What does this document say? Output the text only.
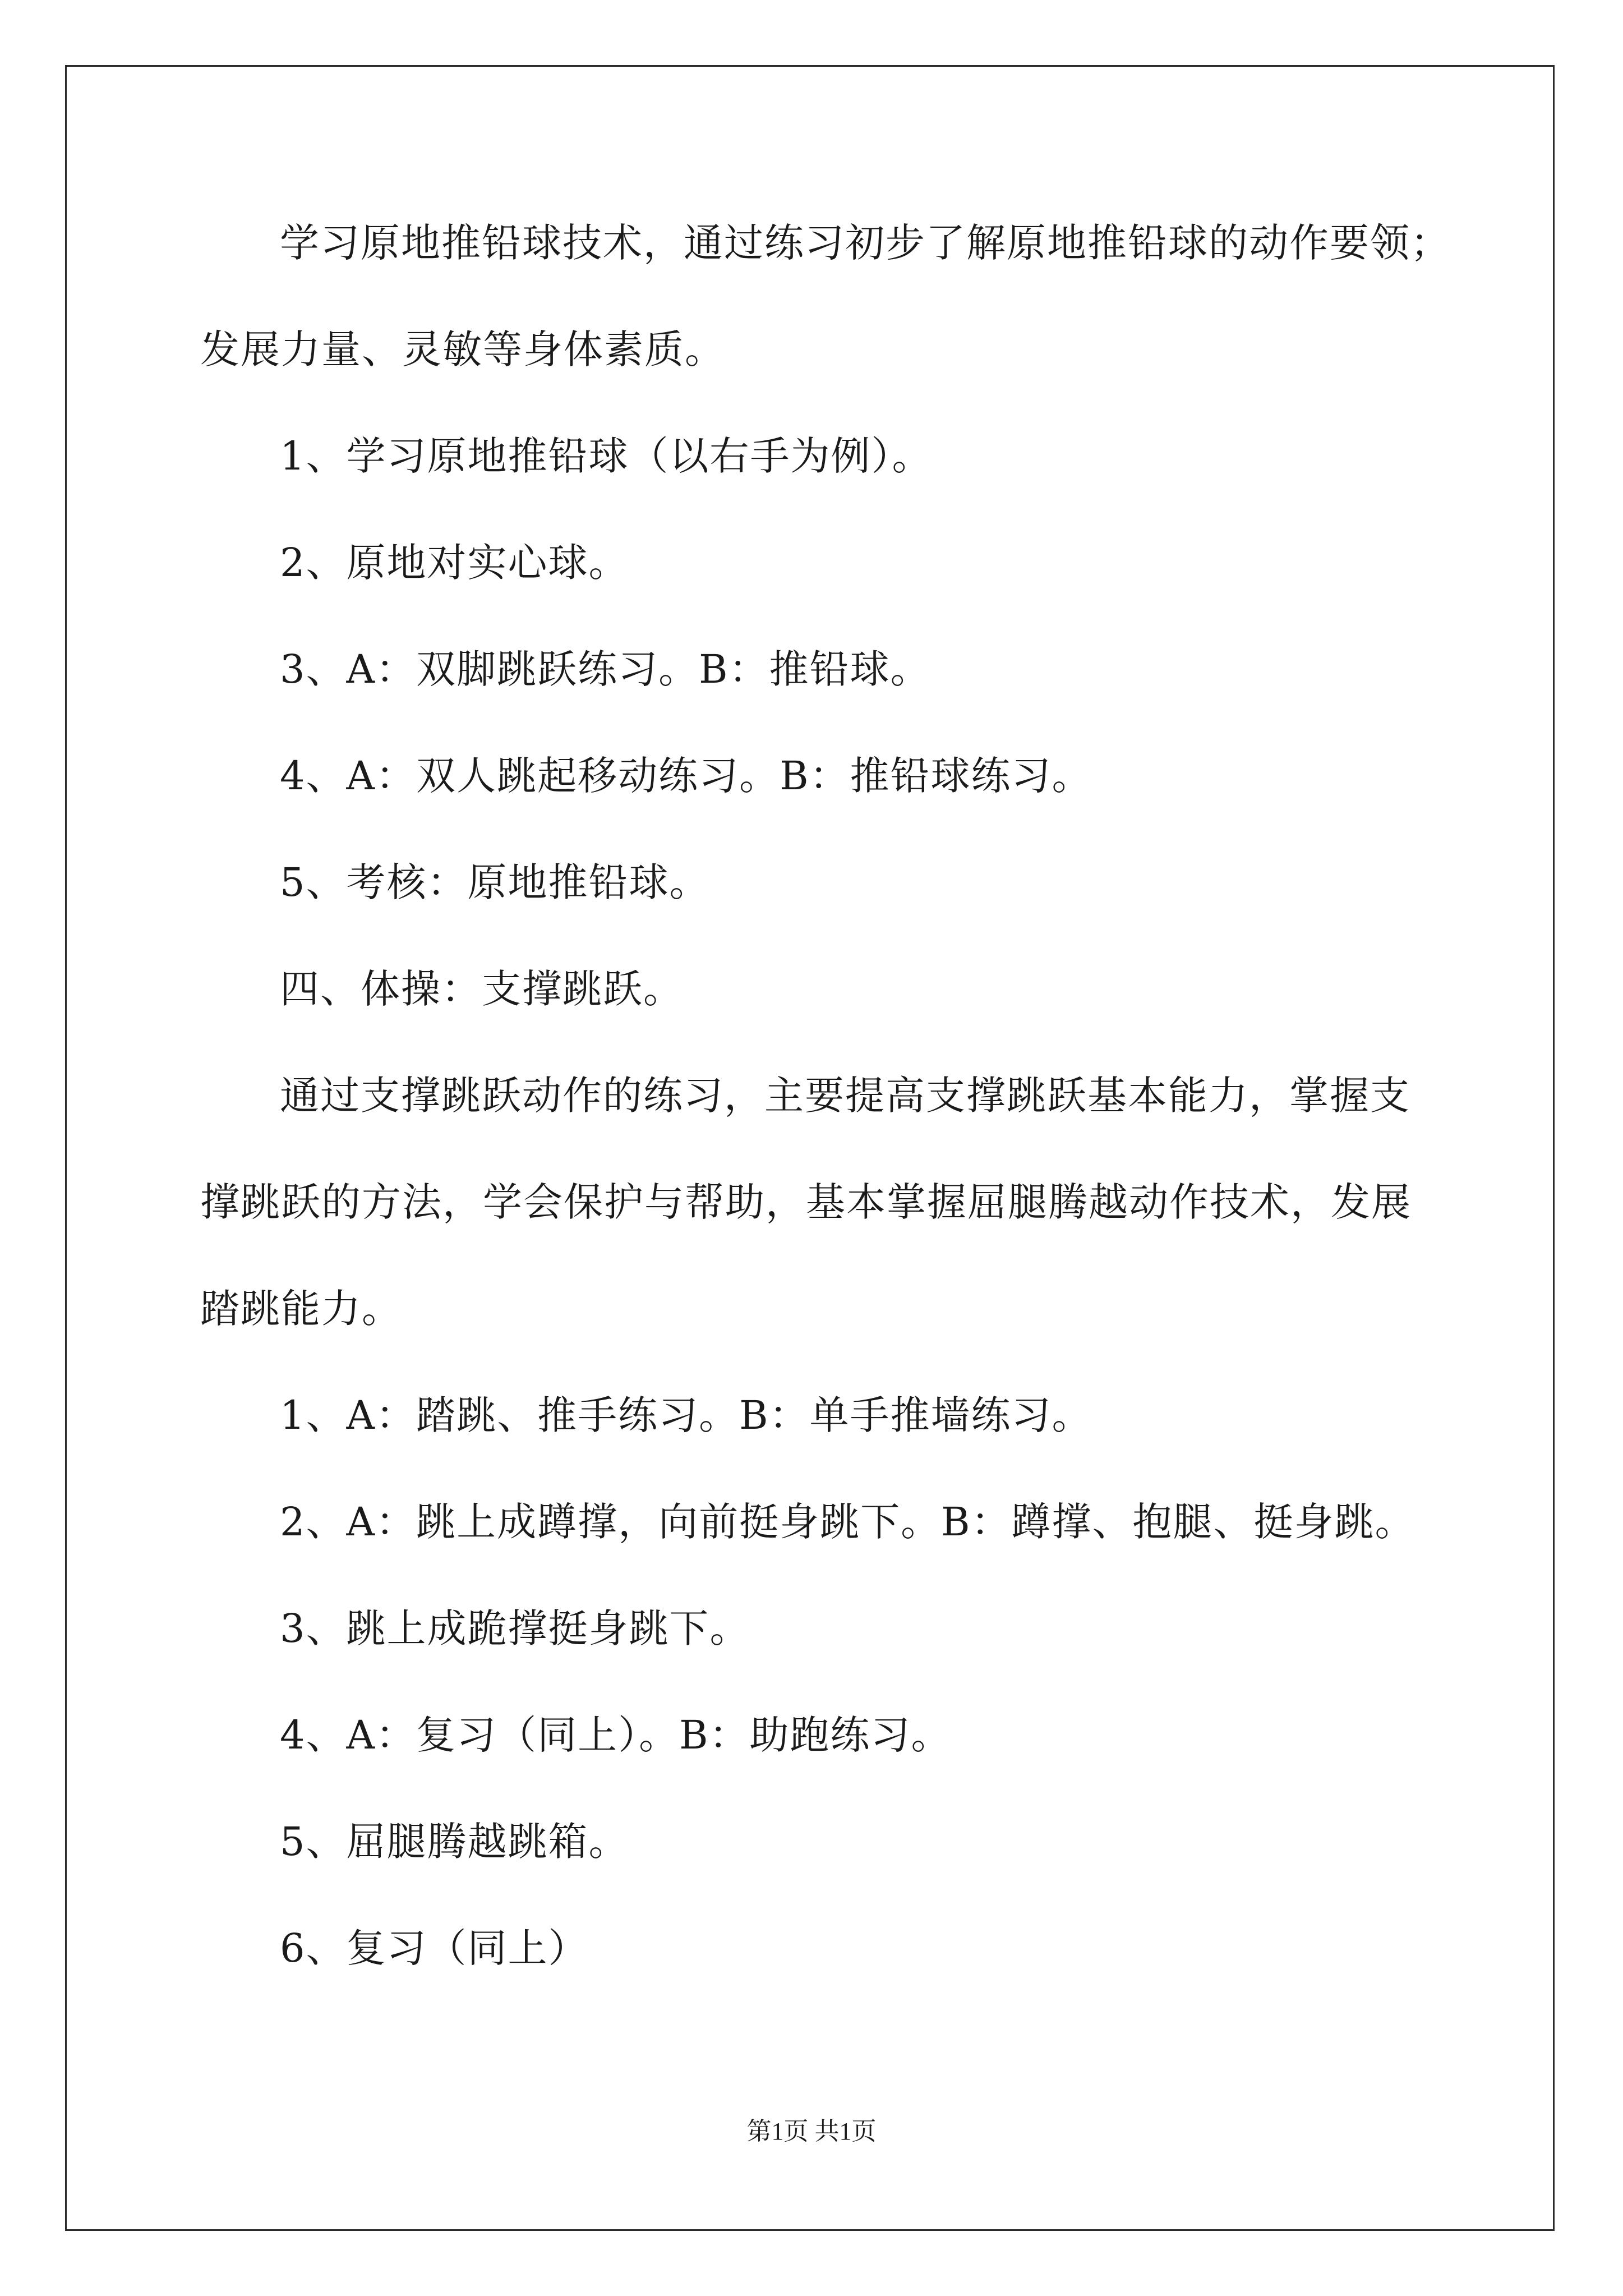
学习原地推铅球技术，通过练习初步了解原地推铅球的动作要领；
发展力量、灵敏等身体素质。
1、学习原地推铅球（以右手为例）。
2、原地对实心球。
3、A：双脚跳跃练习。B：推铅球。
4、A：双人跳起移动练习。B：推铅球练习。
5、考核：原地推铅球。
四、体操：支撑跳跃。
通过支撑跳跃动作的练习，主要提高支撑跳跃基本能力，掌握支
撑跳跃的方法，学会保护与帮助，基本掌握屈腿腾越动作技术，发展
踏跳能力。
1、A：踏跳、推手练习。B：单手推墙练习。
2、A：跳上成蹲撑，向前挺身跳下。B：蹲撑、抱腿、挺身跳。
3、跳上成跪撑挺身跳下。
4、A：复习（同上）。B：助跑练习。
5、屈腿腾越跳箱。
6、复习（同上）
第1页 共1页
